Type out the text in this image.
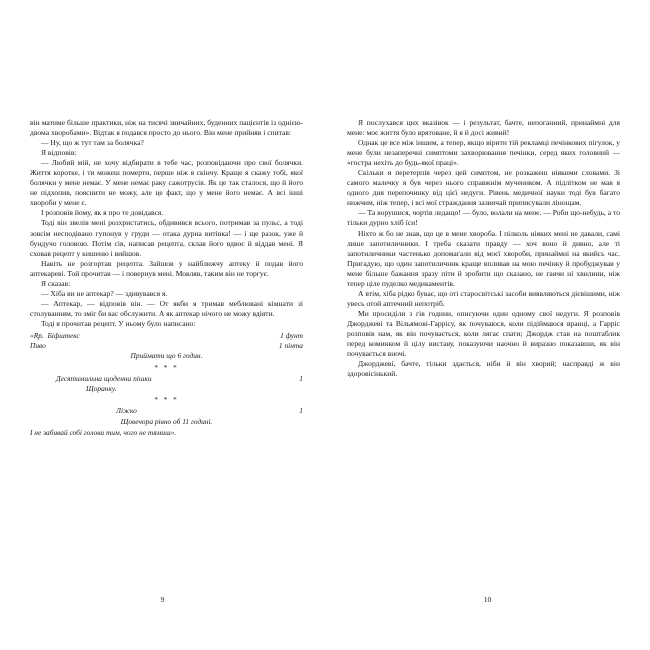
він матиме більше практики, ніж на тисячі звичайних, буденних пацієнтів із однією-двома хворобами». Відтак я подався просто до нього. Він мене прийняв і спитав:

— Ну, що ж тут там за болячка?

Я відповів:

— Любий мій, не хочу відбирати в тебе час, розповідаючи про свої болячки. Життя коротке, і ти можеш померти, перше ніж я скінчу. Краще я скажу тобі, якої болячки у мене немає. У мене немає раку сажотрусів. Як це так сталося, що й його не підхопив, пояснити не можу, але це факт, що у мене його немає. А всі інші хвороби у мене є.

І розповів йому, як я про те довідався.

Тоді він звелів мені розхристатись, обдивився всього, потримав за пульс, а тоді зовсім несподівано гупонув у груди — отака дурна витівка! — і ще разок, уже й бундучо головою. Потім сів, написав рецепта, склав його вдвоє й віддав мені. Я сховав рецепт у кишеню і вийшов.

Навіть не розгортав рецепта. Зайшов у найближчу аптеку й подав його аптекареві. Той прочитав — і повернув мені. Мовляв, таким він не торгує.

Я сказав:

— Хіба ви не аптекар? — здивувався я.

— Аптекар, — відповів він. — От якби я тримав меблювані кімнати зі столуванням, то зміг би вас обслужити. А як аптекар нічого не можу вдіяти.

Тоді я прочитав рецепт. У ньому було написано:

«Rp.  Біфштекс	1 фунт
Пиво	1 пінта
Приймати що 6 годин.
* * *
Десятимильна щоденна пішки	1
Щоранку.
* * *
Ліжко	1
Щовечора рівно об 11 годині.
І не забивай собі голови тим, чого не тямиш».
9

Я послухався цих вказівок — і результат, бачте, непоганний, принаймні для мене: моє життя було врятоване, й я й досі живий!

Однак це все між іншим, а тепер, якщо вірити тій рекламці печінкових пігулок, у мене були незаперечні симптоми захворювання печінки, серед яких головний — «гостра нехіть до будь-якої праці».

Скільки я перетерпів через цей симптом, не розкажеш ніякими словами. Зі самого малечку я був через нього справжнім мучеником. А підлітком не мав я одного дня перепочинку від цієї недуги. Рівень медичної науки тоді був багато нижчим, ніж тепер, і всі мої страждання зазвичай приписували лінощам.

— Та ворушися, чортів ледащо! — було, волали на мене. — Роби що-небудь, а то тільки дурно хліб їси!

Ніхто ж бо не знав, що це в мене хвороба. І пілколь ніяких мені не давали, самі лише запотиличники. І треба сказати правду — хоч воно й дивно, але ті запотиличники частенько допомагали від моєї хвороби, принаймні на якийсь час. Пригадую, що один запотиличник краще впливав на мою печінку й пробуджував у мене більше бажання зразу піти й зробити що сказано, не гаячи ні хвилини, ніж тепер ціле пуделко медикаментів.

А втім, хіба рідко буває, що оті старосвітські засоби виявляються дієвішими, ніж увесь отой аптечний непотріб.

Ми просиділи з гів години, описуючи один одному свої недуги. Я розповів Джорджеві та Вільямові-Гаррісу, як почуваюся, коли підіймаюся вранці, а Гарріс розповів нам, як він почувається, коли лягає спати; Джордж став на поштаблик перед коминком й цілу виставу, показуючи наочно й виразно показавши, як він почувається вночі.

Джорджеві, бачте, тільки здається, ніби й він хворий; насправді ж він здоровісінький.

10
